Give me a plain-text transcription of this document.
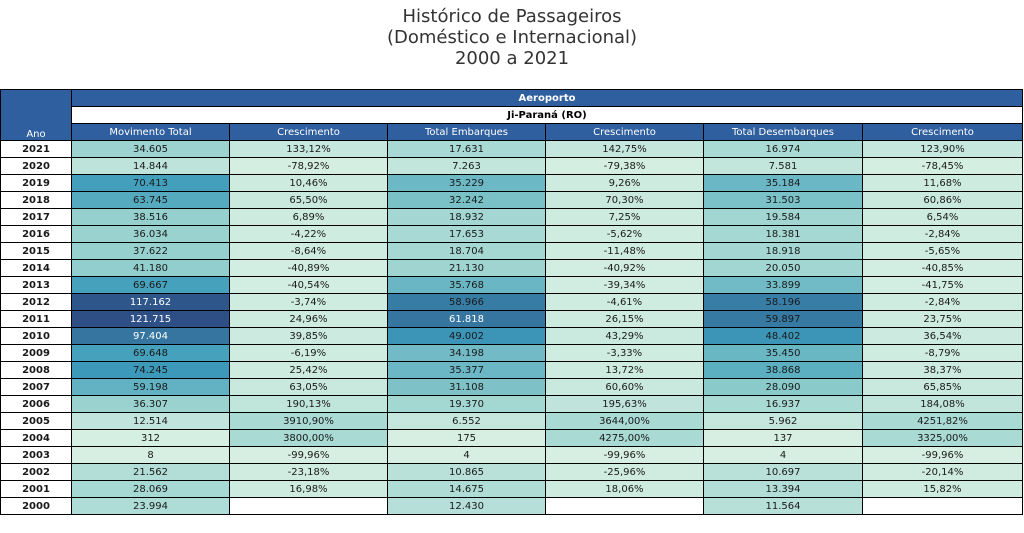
Histórico de Passageiros
(Doméstico e Internacional)
2000 a 2021
Ano	Aeroporto					
	Ji-Paraná (RO)					
	Movimento Total	Crescimento	Total Embarques	Crescimento	Total Desembarques	Crescimento
2021	34.605	133,12%	17.631	142,75%	16.974	123,90%
2020	14.844	-78,92%	7.263	-79,38%	7.581	-78,45%
2019	70.413	10,46%	35.229	9,26%	35.184	11,68%
2018	63.745	65,50%	32.242	70,30%	31.503	60,86%
2017	38.516	6,89%	18.932	7,25%	19.584	6,54%
2016	36.034	-4,22%	17.653	-5,62%	18.381	-2,84%
2015	37.622	-8,64%	18.704	-11,48%	18.918	-5,65%
2014	41.180	-40,89%	21.130	-40,92%	20.050	-40,85%
2013	69.667	-40,54%	35.768	-39,34%	33.899	-41,75%
2012	117.162	-3,74%	58.966	-4,61%	58.196	-2,84%
2011	121.715	24,96%	61.818	26,15%	59.897	23,75%
2010	97.404	39,85%	49.002	43,29%	48.402	36,54%
2009	69.648	-6,19%	34.198	-3,33%	35.450	-8,79%
2008	74.245	25,42%	35.377	13,72%	38.868	38,37%
2007	59.198	63,05%	31.108	60,60%	28.090	65,85%
2006	36.307	190,13%	19.370	195,63%	16.937	184,08%
2005	12.514	3910,90%	6.552	3644,00%	5.962	4251,82%
2004	312	3800,00%	175	4275,00%	137	3325,00%
2003	8	-99,96%	4	-99,96%	4	-99,96%
2002	21.562	-23,18%	10.865	-25,96%	10.697	-20,14%
2001	28.069	16,98%	14.675	18,06%	13.394	15,82%
2000	23.994		12.430		11.564	
